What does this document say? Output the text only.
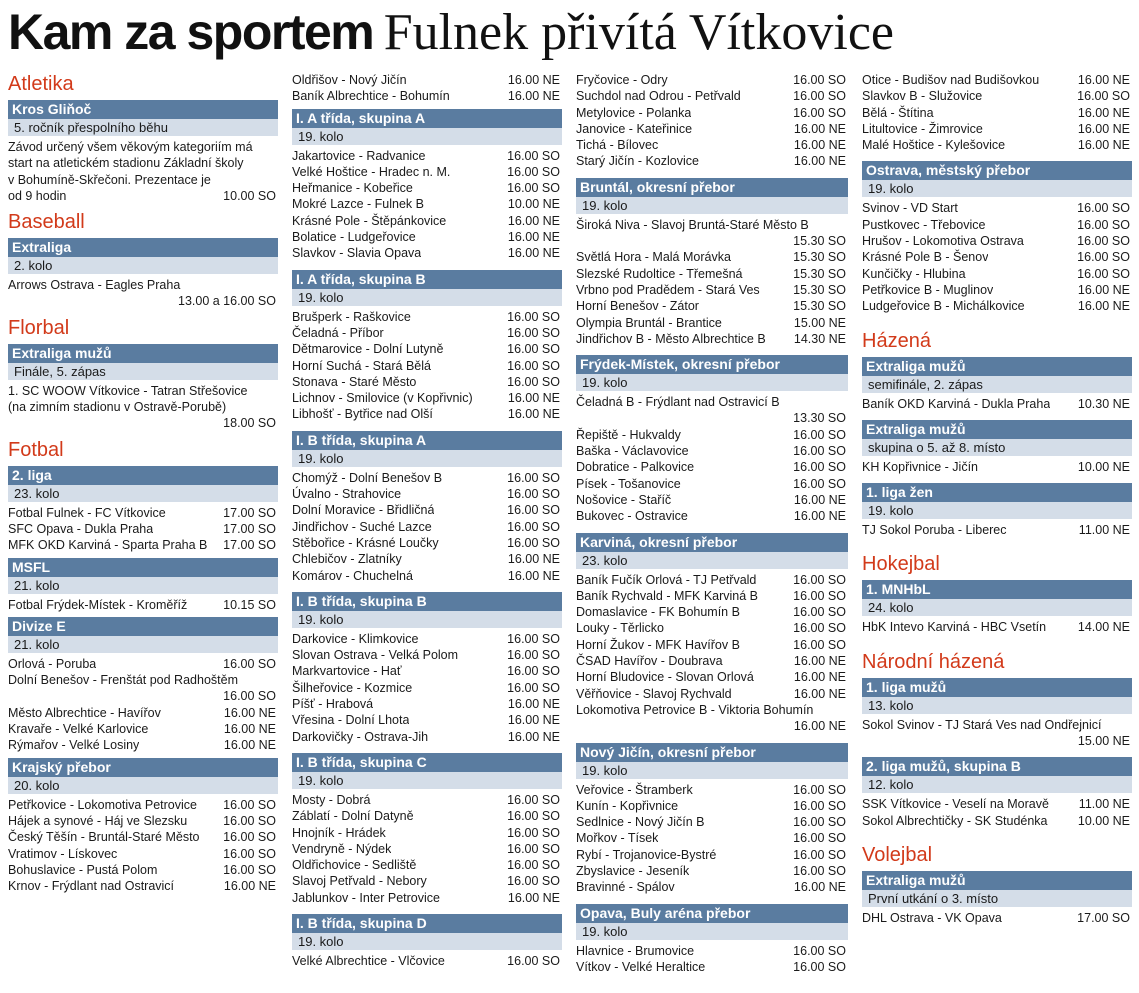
Kam za sportem Fulnek přivítá Vítkovice
Atletika
Kros Gliňoč
5. ročník přespolního běhu
Závod určený všem věkovým kategoriím má
start na atletickém stadionu Základní školy
v Bohumíně-Skřečoni. Prezentace je
od 9 hodin	10.00 SO
Baseball
Extraliga
2. kolo
Arrows Ostrava - Eagles Praha
13.00 a 16.00 SO
Florbal
Extraliga mužů
Finále, 5. zápas
1. SC WOOW Vítkovice - Tatran Střešovice
(na zimním stadionu v Ostravě-Porubě)
18.00 SO
Fotbal
2. liga
23. kolo
Fotbal Fulnek - FC Vítkovice	17.00 SO
SFC Opava - Dukla Praha	17.00 SO
MFK OKD Karviná - Sparta Praha B	17.00 SO
MSFL
21. kolo
Fotbal Frýdek-Místek - Kroměříž	10.15 SO
Divize E
21. kolo
Orlová - Poruba	16.00 SO
Dolní Benešov - Frenštát pod Radhoštěm
16.00 SO
Město Albrechtice - Havířov	16.00 NE
Kravaře - Velké Karlovice	16.00 NE
Rýmařov - Velké Losiny	16.00 NE
Krajský přebor
20. kolo
Petřkovice - Lokomotiva Petrovice	16.00 SO
Hájek a synové - Háj ve Slezsku	16.00 SO
Český Těšín - Bruntál-Staré Město	16.00 SO
Vratimov - Lískovec	16.00 SO
Bohuslavice - Pustá Polom	16.00 SO
Krnov - Frýdlant nad Ostravicí	16.00 NE
Oldřišov - Nový Jičín	16.00 NE
Baník Albrechtice - Bohumín	16.00 NE
I. A třída, skupina A
19. kolo
Jakartovice - Radvanice	16.00 SO
Velké Hoštice - Hradec n. M.	16.00 SO
Heřmanice - Kobeřice	16.00 SO
Mokré Lazce - Fulnek B	10.00 NE
Krásné Pole - Štěpánkovice	16.00 NE
Bolatice - Ludgeřovice	16.00 NE
Slavkov - Slavia Opava	16.00 NE
I. A třída, skupina B
19. kolo
Brušperk - Raškovice	16.00 SO
Čeladná - Příbor	16.00 SO
Dětmarovice - Dolní Lutyně	16.00 SO
Horní Suchá - Stará Bělá	16.00 SO
Stonava - Staré Město	16.00 SO
Lichnov - Smilovice (v Kopřivnic)	16.00 NE
Libhošť - Bytřice nad Olší	16.00 NE
I. B třída, skupina A
19. kolo
Chomýž - Dolní Benešov B	16.00 SO
Úvalno - Strahovice	16.00 SO
Dolní Moravice - Břidličná	16.00 SO
Jindřichov - Suché Lazce	16.00 SO
Stěbořice - Krásné Loučky	16.00 SO
Chlebičov - Zlatníky	16.00 NE
Komárov - Chuchelná	16.00 NE
I. B třída, skupina B
19. kolo
Darkovice - Klimkovice	16.00 SO
Slovan Ostrava - Velká Polom	16.00 SO
Markvartovice - Hať	16.00 SO
Šilheřovice - Kozmice	16.00 SO
Píšť - Hrabová	16.00 NE
Vřesina - Dolní Lhota	16.00 NE
Darkovičky - Ostrava-Jih	16.00 NE
I. B třída, skupina C
19. kolo
Mosty - Dobrá	16.00 SO
Záblatí - Dolní Datyně	16.00 SO
Hnojník - Hrádek	16.00 SO
Vendryně - Nýdek	16.00 SO
Oldřichovice - Sedliště	16.00 SO
Slavoj Petřvald - Nebory	16.00 SO
Jablunkov - Inter Petrovice	16.00 NE
I. B třída, skupina D
19. kolo
Velké Albrechtice - Vlčovice	16.00 SO
Fryčovice - Odry	16.00 SO
Suchdol nad Odrou - Petřvald	16.00 SO
Metylovice - Polanka	16.00 SO
Janovice - Kateřinice	16.00 NE
Tichá - Bílovec	16.00 NE
Starý Jičín - Kozlovice	16.00 NE
Bruntál, okresní přebor
19. kolo
Široká Niva - Slavoj Bruntá-Staré Město B
15.30 SO
Světlá Hora - Malá Morávka	15.30 SO
Slezské Rudoltice - Třemešná	15.30 SO
Vrbno pod Pradědem - Stará Ves	15.30 SO
Horní Benešov - Zátor	15.30 SO
Olympia Bruntál - Brantice	15.00 NE
Jindřichov B - Město Albrechtice B	14.30 NE
Frýdek-Místek, okresní přebor
19. kolo
Čeladná B - Frýdlant nad Ostravicí B
13.30 SO
Řepiště - Hukvaldy	16.00 SO
Baška - Václavovice	16.00 SO
Dobratice - Palkovice	16.00 SO
Písek - Tošanovice	16.00 SO
Nošovice - Staříč	16.00 NE
Bukovec - Ostravice	16.00 NE
Karviná, okresní přebor
23. kolo
Baník Fučík Orlová - TJ Petřvald	16.00 SO
Baník Rychvald - MFK Karviná B	16.00 SO
Domaslavice - FK Bohumín B	16.00 SO
Louky - Těrlicko	16.00 SO
Horní Žukov - MFK Havířov B	16.00 SO
ČSAD Havířov - Doubrava	16.00 NE
Horní Bludovice - Slovan Orlová	16.00 NE
Věřňovice - Slavoj Rychvald	16.00 NE
Lokomotiva Petrovice B - Viktoria Bohumín
16.00 NE
Nový Jičín, okresní přebor
19. kolo
Veřovice - Štramberk	16.00 SO
Kunín - Kopřivnice	16.00 SO
Sedlnice - Nový Jičín B	16.00 SO
Mořkov - Tísek	16.00 SO
Rybí - Trojanovice-Bystré	16.00 SO
Zbyslavice - Jeseník	16.00 SO
Bravinné - Spálov	16.00 NE
Opava, Buly aréna přebor
19. kolo
Hlavnice - Brumovice	16.00 SO
Vítkov - Velké Heraltice	16.00 SO
Otice - Budišov nad Budišovkou	16.00 NE
Slavkov B - Služovice	16.00 SO
Bělá - Štítina	16.00 NE
Litultovice - Žimrovice	16.00 NE
Malé Hoštice - Kylešovice	16.00 NE
Ostrava, městský přebor
19. kolo
Svinov - VD Start	16.00 SO
Pustkovec - Třebovice	16.00 SO
Hrušov - Lokomotiva Ostrava	16.00 SO
Krásné Pole B - Šenov	16.00 SO
Kunčičky - Hlubina	16.00 SO
Petřkovice B - Muglinov	16.00 NE
Ludgeřovice B - Michálkovice	16.00 NE
Házená
Extraliga mužů
semifinále, 2. zápas
Baník OKD Karviná - Dukla Praha	10.30 NE
Extraliga mužů
skupina o 5. až 8. místo
KH Kopřivnice - Jičín	10.00 NE
1. liga žen
19. kolo
TJ Sokol Poruba - Liberec	11.00 NE
Hokejbal
1. MNHbL
24. kolo
HbK Intevo Karviná - HBC Vsetín	14.00 NE
Národní házená
1. liga mužů
13. kolo
Sokol Svinov - TJ Stará Ves nad Ondřejnicí
15.00 NE
2. liga mužů, skupina B
12. kolo
SSK Vítkovice - Veselí na Moravě	11.00 NE
Sokol Albrechtičky - SK Studénka	10.00 NE
Volejbal
Extraliga mužů
První utkání o 3. místo
DHL Ostrava - VK Opava	17.00 SO
